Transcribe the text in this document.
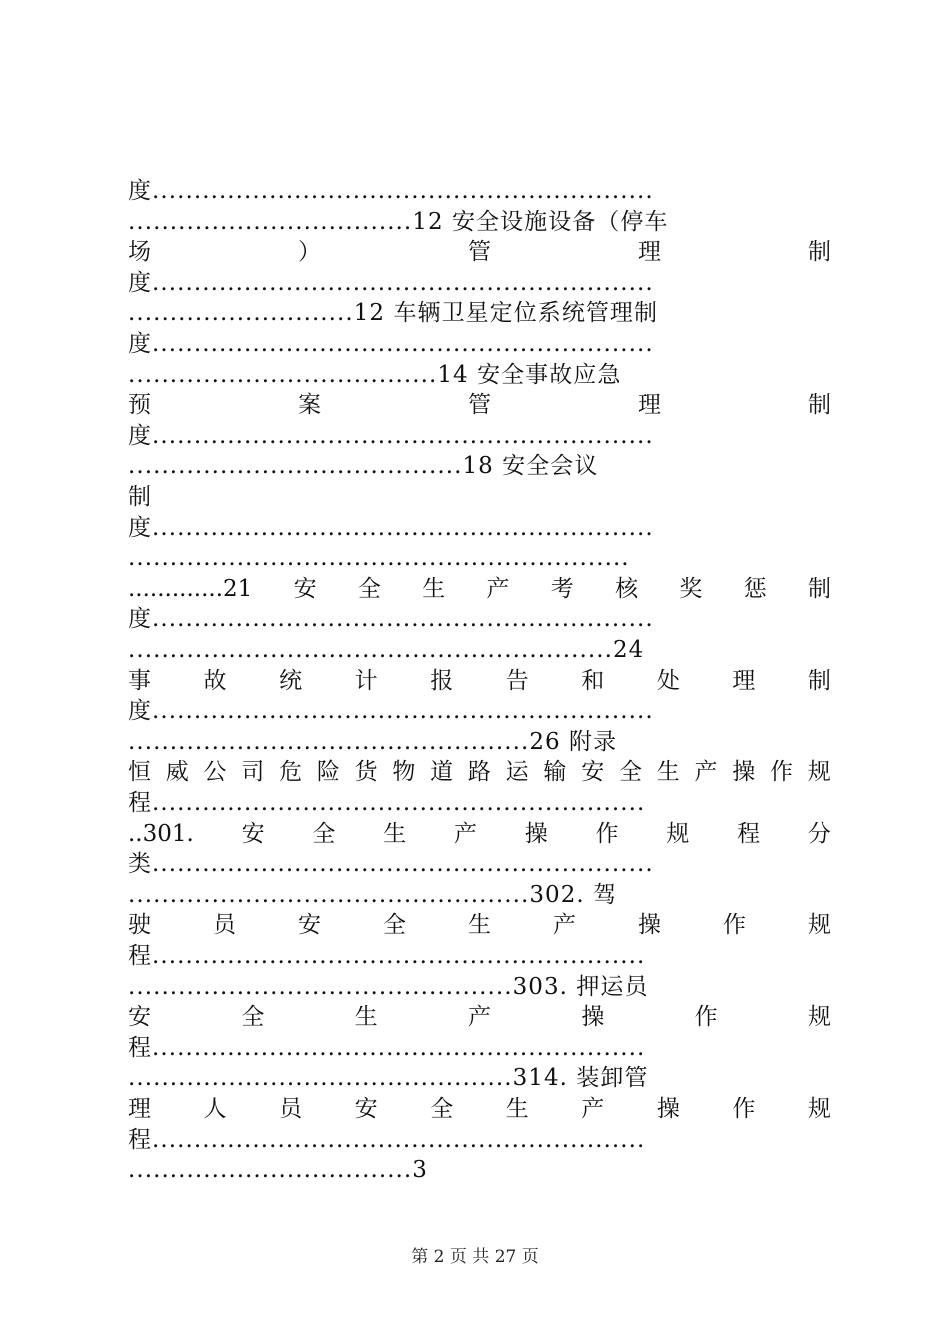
度............................................................
..................................12 安全设施设备（停车
场	）	管	理	制
度............................................................
...........................12 车辆卫星定位系统管理制
度............................................................
.....................................14 安全事故应急
预	案	管	理	制
度............................................................
........................................18 安全会议
制
度............................................................
............................................................
.............21 安 全 生 产 考 核 奖 惩 制
度............................................................
..........................................................24
事 故 统 计 报 告 和 处 理 制
度............................................................
................................................26 附录
恒 威 公 司 危 险 货 物 道 路 运 输 安 全 生 产 操 作 规
程...........................................................
..301. 安 全 生 产 操 作 规 程 分
类............................................................
................................................302. 驾
驶	员	安	全	生	产	操	作	规
程...........................................................
..............................................303. 押运员
安	全	生	产	操	作	规
程...........................................................
..............................................314. 装卸管
理 人 员 安 全 生 产 操 作 规
程...........................................................
..................................3
第 2 页 共 27 页
